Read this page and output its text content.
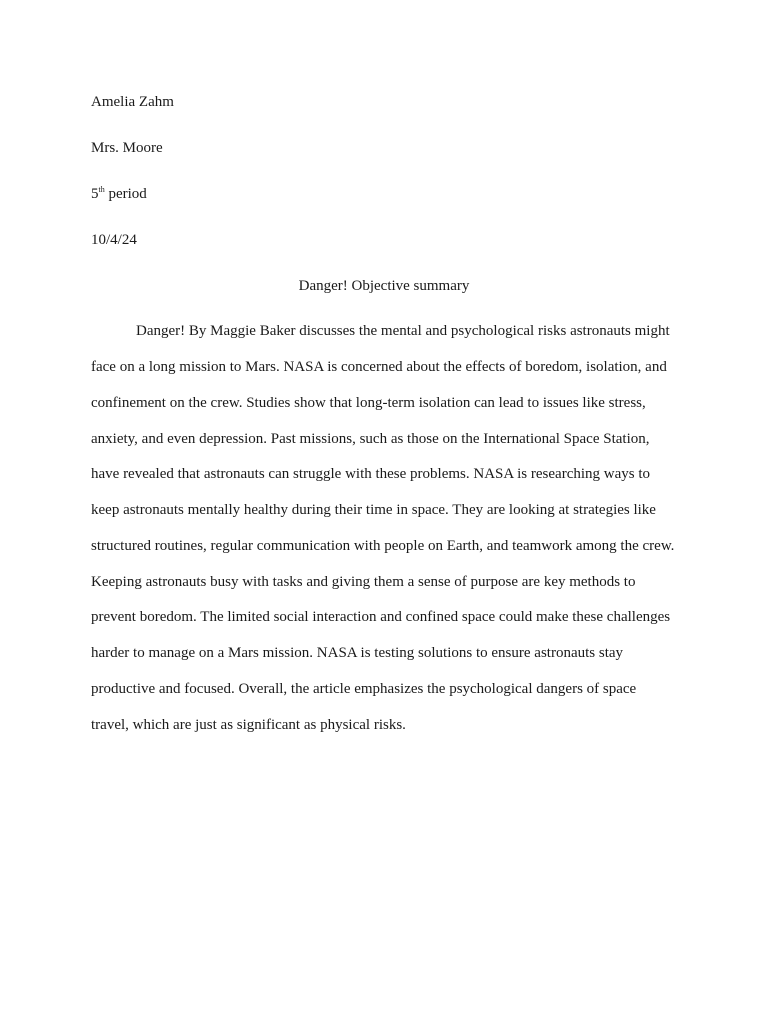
Amelia Zahm
Mrs. Moore
5th period
10/4/24
Danger! Objective summary
Danger! By Maggie Baker discusses the mental and psychological risks astronauts might
face on a long mission to Mars. NASA is concerned about the effects of boredom, isolation, and
confinement on the crew. Studies show that long-term isolation can lead to issues like stress,
anxiety, and even depression. Past missions, such as those on the International Space Station,
have revealed that astronauts can struggle with these problems. NASA is researching ways to
keep astronauts mentally healthy during their time in space. They are looking at strategies like
structured routines, regular communication with people on Earth, and teamwork among the crew.
Keeping astronauts busy with tasks and giving them a sense of purpose are key methods to
prevent boredom. The limited social interaction and confined space could make these challenges
harder to manage on a Mars mission. NASA is testing solutions to ensure astronauts stay
productive and focused. Overall, the article emphasizes the psychological dangers of space
travel, which are just as significant as physical risks.
